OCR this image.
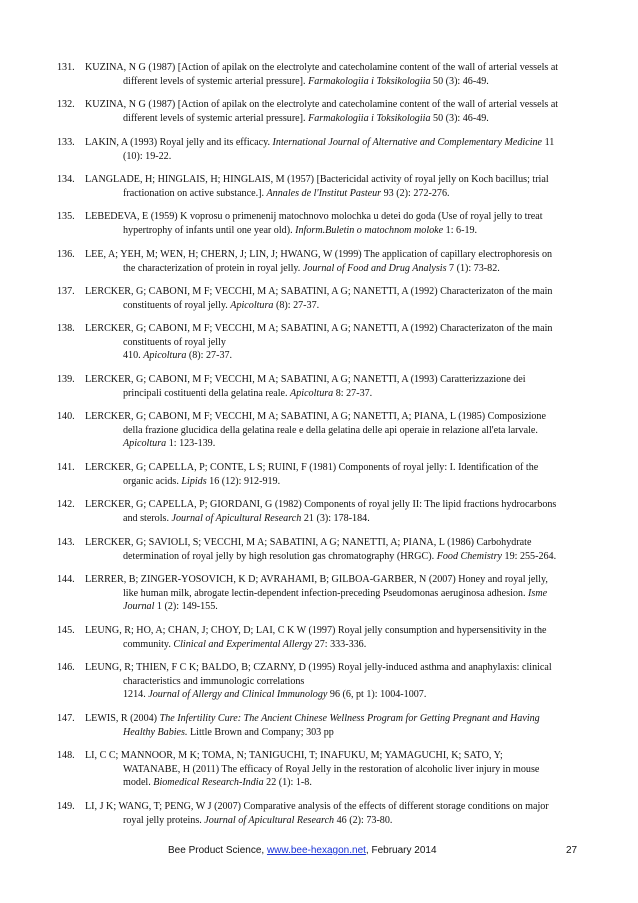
131.	KUZINA, N G (1987) [Action of apilak on the electrolyte and catecholamine content of the wall of arterial vessels at
different levels of systemic arterial pressure]. Farmakologiia i Toksikologiia 50 (3): 46-49.
132.	KUZINA, N G (1987) [Action of apilak on the electrolyte and catecholamine content of the wall of arterial vessels at
different levels of systemic arterial pressure]. Farmakologiia i Toksikologiia 50 (3): 46-49.
133.	LAKIN, A (1993) Royal jelly and its efficacy. International Journal of Alternative and Complementary Medicine 11
(10): 19-22.
134.	LANGLADE, H; HINGLAIS, H; HINGLAIS, M (1957) [Bactericidal activity of royal jelly on Koch bacillus; trial
fractionation on active substance.]. Annales de l'Institut Pasteur 93 (2): 272-276.
135.	LEBEDEVA, E (1959) K voprosu o primenenij matochnovo molochka u detei do goda (Use of royal jelly to treat
hypertrophy of infants until one year old). Inform.Buletin o matochnom moloke 1: 6-19.
136.	LEE, A; YEH, M; WEN, H; CHERN, J; LIN, J; HWANG, W (1999) The application of capillary electrophoresis on
the characterization of protein in royal jelly. Journal of Food and Drug Analysis 7 (1): 73-82.
137.	LERCKER, G; CABONI, M F; VECCHI, M A; SABATINI, A G; NANETTI, A (1992) Characterizaton of the main
constituents of royal jelly. Apicoltura (8): 27-37.
138.	LERCKER, G; CABONI, M F; VECCHI, M A; SABATINI, A G; NANETTI, A (1992) Characterizaton of the main
constituents of royal jelly
410. Apicoltura (8): 27-37.
139.	LERCKER, G; CABONI, M F; VECCHI, M A; SABATINI, A G; NANETTI, A (1993) Caratterizzazione dei
principali costituenti della gelatina reale. Apicoltura 8: 27-37.
140.	LERCKER, G; CABONI, M F; VECCHI, M A; SABATINI, A G; NANETTI, A; PIANA, L (1985) Composizione
della frazione glucidica della gelatina reale e della gelatina delle api operaie in relazione all'eta larvale.
Apicoltura 1: 123-139.
141.	LERCKER, G; CAPELLA, P; CONTE, L S; RUINI, F (1981) Components of royal jelly: I. Identification of the
organic acids. Lipids 16 (12): 912-919.
142.	LERCKER, G; CAPELLA, P; GIORDANI, G (1982) Components of royal jelly II: The lipid fractions hydrocarbons
and sterols. Journal of Apicultural Research 21 (3): 178-184.
143.	LERCKER, G; SAVIOLI, S; VECCHI, M A; SABATINI, A G; NANETTI, A; PIANA, L (1986) Carbohydrate
determination of royal jelly by high resolution gas chromatography (HRGC). Food Chemistry 19: 255-264.
144.	LERRER, B; ZINGER-YOSOVICH, K D; AVRAHAMI, B; GILBOA-GARBER, N (2007) Honey and royal jelly,
like human milk, abrogate lectin-dependent infection-preceding Pseudomonas aeruginosa adhesion. Isme
Journal 1 (2): 149-155.
145.	LEUNG, R; HO, A; CHAN, J; CHOY, D; LAI, C K W (1997) Royal jelly consumption and hypersensitivity in the
community. Clinical and Experimental Allergy 27: 333-336.
146.	LEUNG, R; THIEN, F C K; BALDO, B; CZARNY, D (1995) Royal jelly-induced asthma and anaphylaxis: clinical
characteristics and immunologic correlations
1214. Journal of Allergy and Clinical Immunology 96 (6, pt 1): 1004-1007.
147.	LEWIS, R (2004) The Infertility Cure: The Ancient Chinese Wellness Program for Getting Pregnant and Having
Healthy Babies. Little Brown and Company; 303 pp
148.	LI, C C; MANNOOR, M K; TOMA, N; TANIGUCHI, T; INAFUKU, M; YAMAGUCHI, K; SATO, Y;
WATANABE, H (2011) The efficacy of Royal Jelly in the restoration of alcoholic liver injury in mouse
model. Biomedical Research-India 22 (1): 1-8.
149.	LI, J K; WANG, T; PENG, W J (2007) Comparative analysis of the effects of different storage conditions on major
royal jelly proteins. Journal of Apicultural Research 46 (2): 73-80.
Bee Product Science, www.bee-hexagon.net, February 2014	27
